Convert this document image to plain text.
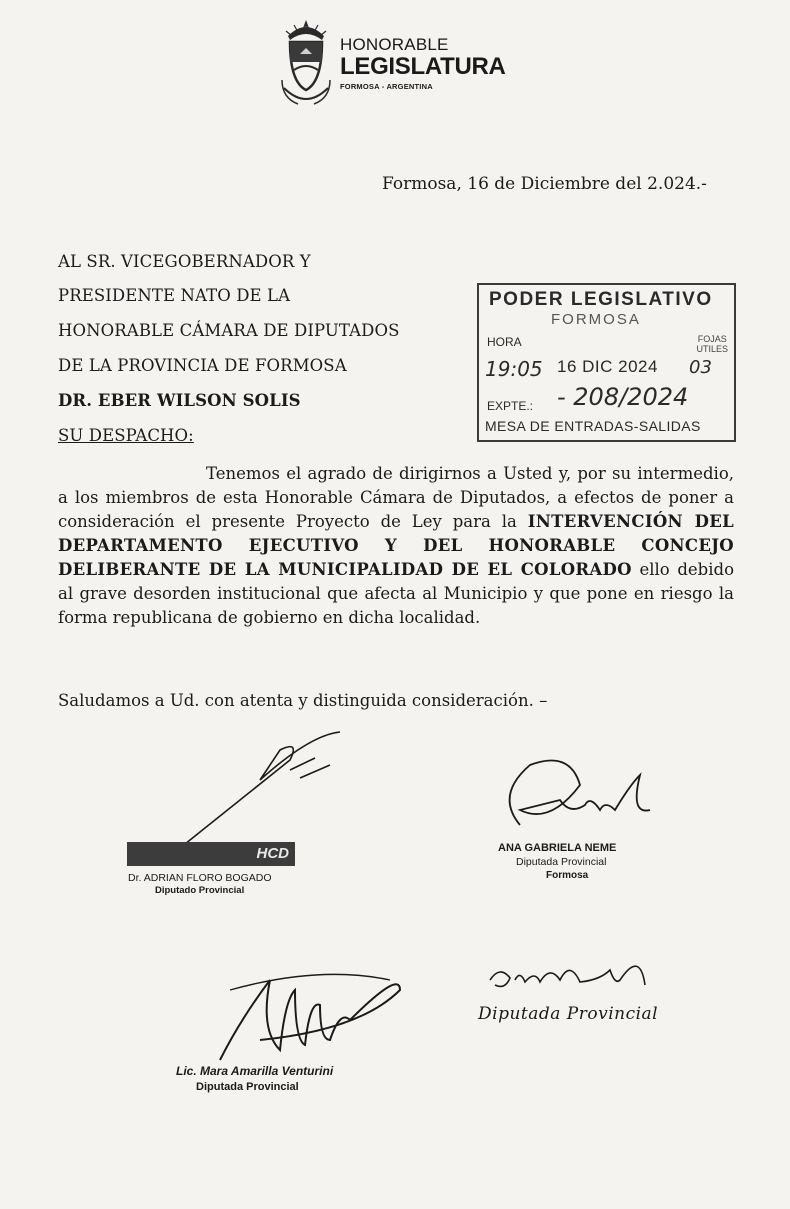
HONORABLE
LEGISLATURA
FORMOSA - ARGENTINA
Formosa, 16 de Diciembre del 2.024.-
AL SR. VICEGOBERNADOR Y
PRESIDENTE NATO DE LA
HONORABLE CÁMARA DE DIPUTADOS
DE LA PROVINCIA DE FORMOSA
DR. EBER WILSON SOLIS
SU DESPACHO:
PODER LEGISLATIVO
FORMOSA
HORA	FOJAS
UTILES
19:05 16 DIC 2024 03
EXPTE.: - 208/2024
MESA DE ENTRADAS-SALIDAS
Tenemos el agrado de dirigirnos a Usted y, por su intermedio, a los miembros de esta Honorable Cámara de Diputados, a efectos de poner a consideración el presente Proyecto de Ley para la INTERVENCIÓN DEL DEPARTAMENTO EJECUTIVO Y DEL HONORABLE CONCEJO DELIBERANTE DE LA MUNICIPALIDAD DE EL COLORADO ello debido al grave desorden institucional que afecta al Municipio y que pone en riesgo la forma republicana de gobierno en dicha localidad.
Saludamos a Ud. con atenta y distinguida consideración. –
HCD
Dr. ADRIAN FLORO BOGADO
Diputado Provincial
ANA GABRIELA NEME
Diputada Provincial
Formosa
Lic. Mara Amarilla Venturini
Diputada Provincial
Diputada Provincial
